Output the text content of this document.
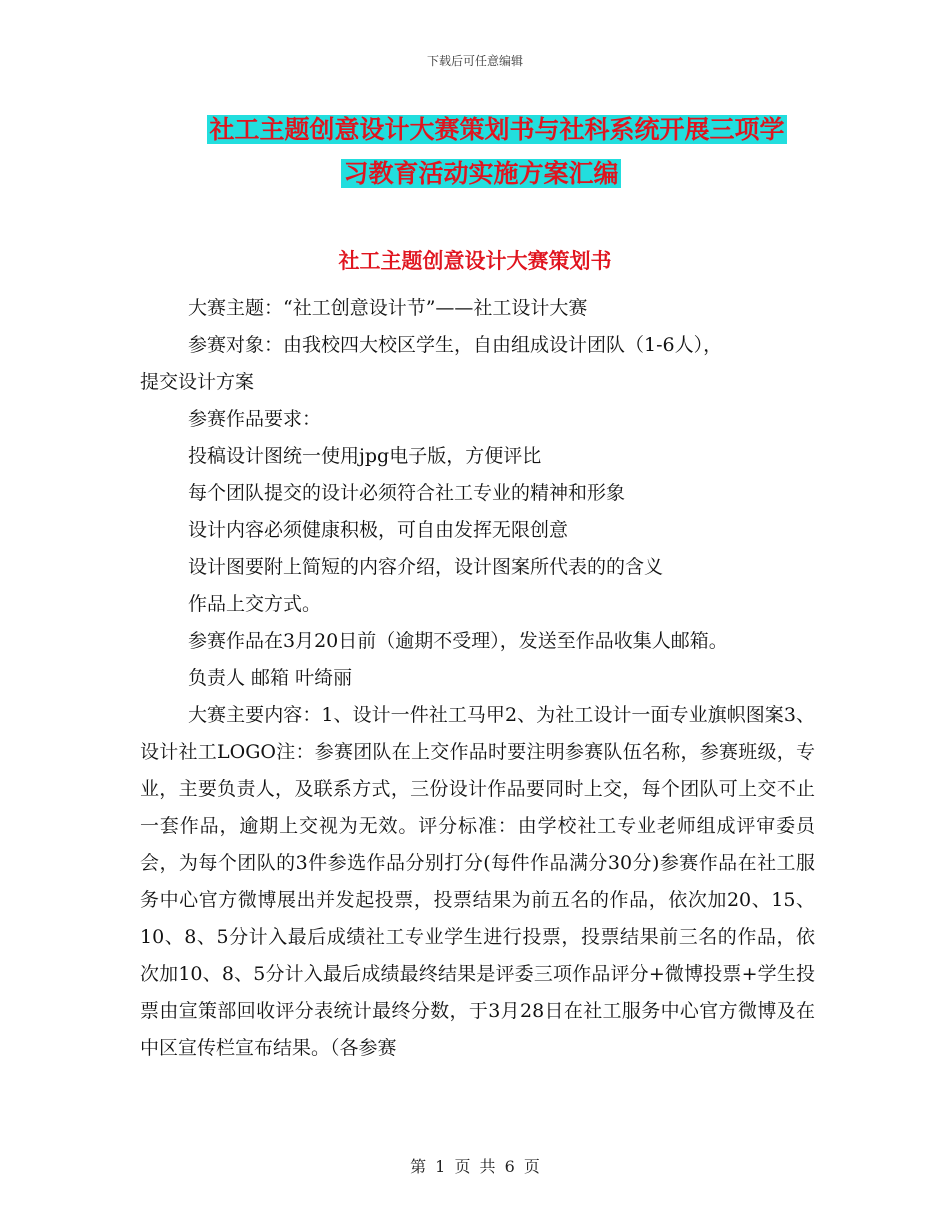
下载后可任意编辑
社工主题创意设计大赛策划书与社科系统开展三项学
习教育活动实施方案汇编
社工主题创意设计大赛策划书

大赛主题：“社工创意设计节”——社工设计大赛

参赛对象：由我校四大校区学生，自由组成设计团队（1-6人），

提交设计方案

参赛作品要求：

投稿设计图统一使用jpg电子版，方便评比

每个团队提交的设计必须符合社工专业的精神和形象

设计内容必须健康积极，可自由发挥无限创意

设计图要附上简短的内容介绍，设计图案所代表的的含义

作品上交方式。

参赛作品在3月20日前（逾期不受理），发送至作品收集人邮箱。

负责人 邮箱 叶绮丽

大赛主要内容：1、设计一件社工马甲2、为社工设计一面专业旗帜图案3、设计社工LOGO注：参赛团队在上交作品时要注明参赛队伍名称，参赛班级，专业，主要负责人，及联系方式，三份设计作品要同时上交，每个团队可上交不止一套作品，逾期上交视为无效。评分标准：由学校社工专业老师组成评审委员会，为每个团队的3件参选作品分别打分(每件作品满分30分)参赛作品在社工服务中心官方微博展出并发起投票，投票结果为前五名的作品，依次加20、15、10、8、5分计入最后成绩社工专业学生进行投票，投票结果前三名的作品，依次加10、8、5分计入最后成绩最终结果是评委三项作品评分+微博投票+学生投票由宣策部回收评分表统计最终分数，于3月28日在社工服务中心官方微博及在中区宣传栏宣布结果。（各参赛

第 1 页 共 6 页
